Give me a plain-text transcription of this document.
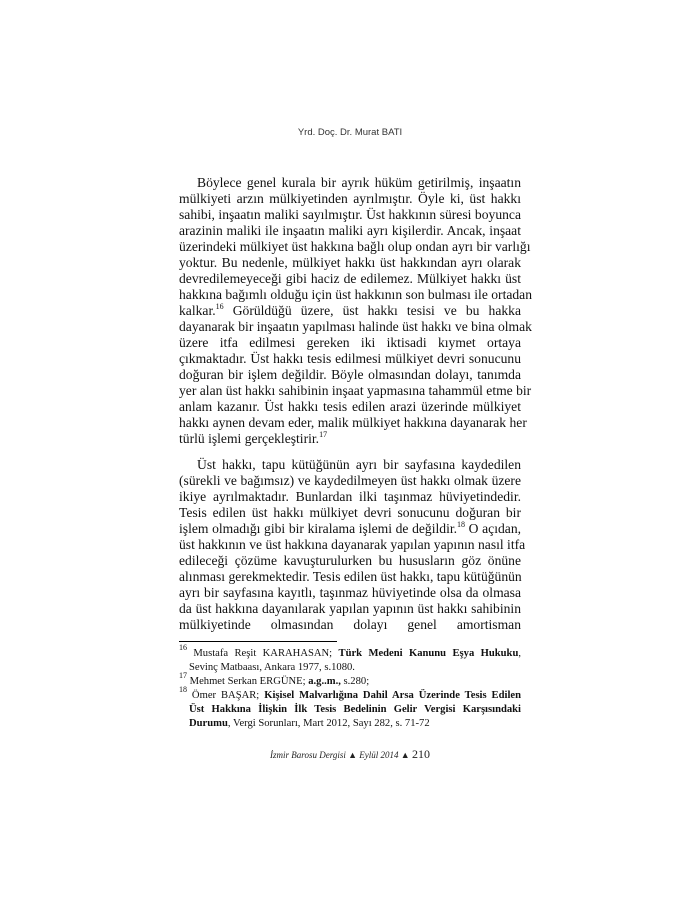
Yrd. Doç. Dr. Murat BATI
Böylece genel kurala bir ayrık hüküm getirilmiş, inşaatın
mülkiyeti arzın mülkiyetinden ayrılmıştır. Öyle ki, üst hakkı
sahibi, inşaatın maliki sayılmıştır. Üst hakkının süresi boyunca
arazinin maliki ile inşaatın maliki ayrı kişilerdir. Ancak, inşaat
üzerindeki mülkiyet üst hakkına bağlı olup ondan ayrı bir varlığı
yoktur. Bu nedenle, mülkiyet hakkı üst hakkından ayrı olarak
devredilemeyeceği gibi haciz de edilemez. Mülkiyet hakkı üst
hakkına bağımlı olduğu için üst hakkının son bulması ile ortadan
kalkar.$^{16}$ Görüldüğü üzere, üst hakkı tesisi ve bu hakka
dayanarak bir inşaatın yapılması halinde üst hakkı ve bina olmak
üzere itfa edilmesi gereken iki iktisadi kıymet ortaya
çıkmaktadır. Üst hakkı tesis edilmesi mülkiyet devri sonucunu
doğuran bir işlem değildir. Böyle olmasından dolayı, tanımda
yer alan üst hakkı sahibinin inşaat yapmasına tahammül etme bir
anlam kazanır. Üst hakkı tesis edilen arazi üzerinde mülkiyet
hakkı aynen devam eder, malik mülkiyet hakkına dayanarak her
türlü işlemi gerçekleştirir.$^{17}$
Üst hakkı, tapu kütüğünün ayrı bir sayfasına kaydedilen
(sürekli ve bağımsız) ve kaydedilmeyen üst hakkı olmak üzere
ikiye ayrılmaktadır. Bunlardan ilki taşınmaz hüviyetindedir.
Tesis edilen üst hakkı mülkiyet devri sonucunu doğuran bir
işlem olmadığı gibi bir kiralama işlemi de değildir.$^{18}$ O açıdan,
üst hakkının ve üst hakkına dayanarak yapılan yapının nasıl itfa
edileceği çözüme kavuşturulurken bu hususların göz önüne
alınması gerekmektedir. Tesis edilen üst hakkı, tapu kütüğünün
ayrı bir sayfasına kayıtlı, taşınmaz hüviyetinde olsa da olmasa
da üst hakkına dayanılarak yapılan yapının üst hakkı sahibinin
mülkiyetinde olmasından dolayı genel amortisman
$^{16}$ Mustafa Reşit KARAHASAN; Türk Medeni Kanunu Eşya Hukuku,
Sevinç Matbaası, Ankara 1977, s.1080.
$^{17}$ Mehmet Serkan ERGÜNE; a.g..m., s.280;
$^{18}$ Ömer BAŞAR; Kişisel Malvarlığına Dahil Arsa Üzerinde Tesis Edilen
Üst Hakkına İlişkin İlk Tesis Bedelinin Gelir Vergisi Karşısındaki
Durumu, Vergi Sorunları, Mart 2012, Sayı 282, s. 71-72
İzmir Barosu Dergisi ▲ Eylül 2014 ▲ 210
